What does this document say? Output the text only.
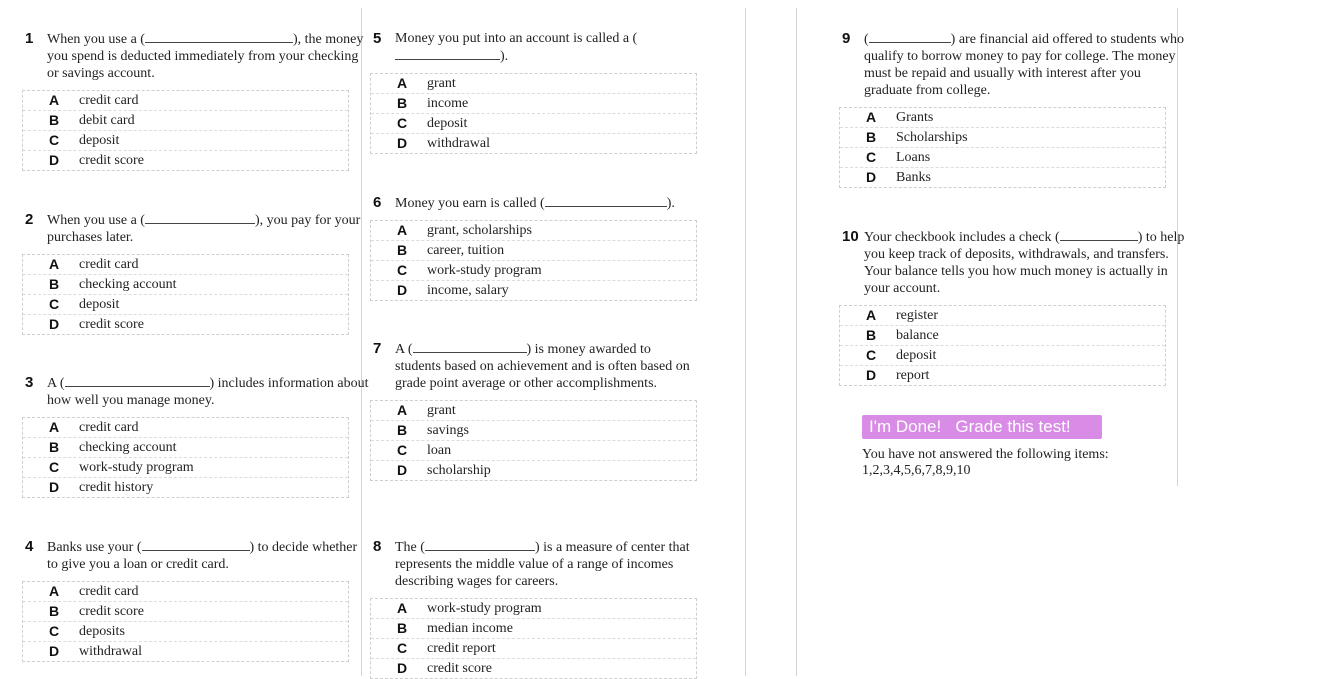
1 When you use a (	), the money you spend is deducted immediately from your checking or savings account.
A credit card
B debit card
C deposit
D credit score
2 When you use a (	), you pay for your purchases later.
A credit card
B checking account
C deposit
D credit score
3 A (	) includes information about how well you manage money.
A credit card
B checking account
C work-study program
D credit history
4 Banks use your (	) to decide whether to give you a loan or credit card.
A credit card
B credit score
C deposits
D withdrawal
5 Money you put into an account is called a ().
A grant
B income
C deposit
D withdrawal
6 Money you earn is called (	).
A grant, scholarships
B career, tuition
C work-study program
D income, salary
7 A (	) is money awarded to students based on achievement and is often based on grade point average or other accomplishments.
A grant
B savings
C loan
D scholarship
8 The (	) is a measure of center that represents the middle value of a range of incomes describing wages for careers.
A work-study program
B median income
C credit report
D credit score
9 (	) are financial aid offered to students who qualify to borrow money to pay for college. The money must be repaid and usually with interest after you graduate from college.
A Grants
B Scholarships
C Loans
D Banks
10 Your checkbook includes a check (	) to help you keep track of deposits, withdrawals, and transfers. Your balance tells you how much money is actually in your account.
A register
B balance
C deposit
D report
I'm Done!   Grade this test!
You have not answered the following items:
1,2,3,4,5,6,7,8,9,10
